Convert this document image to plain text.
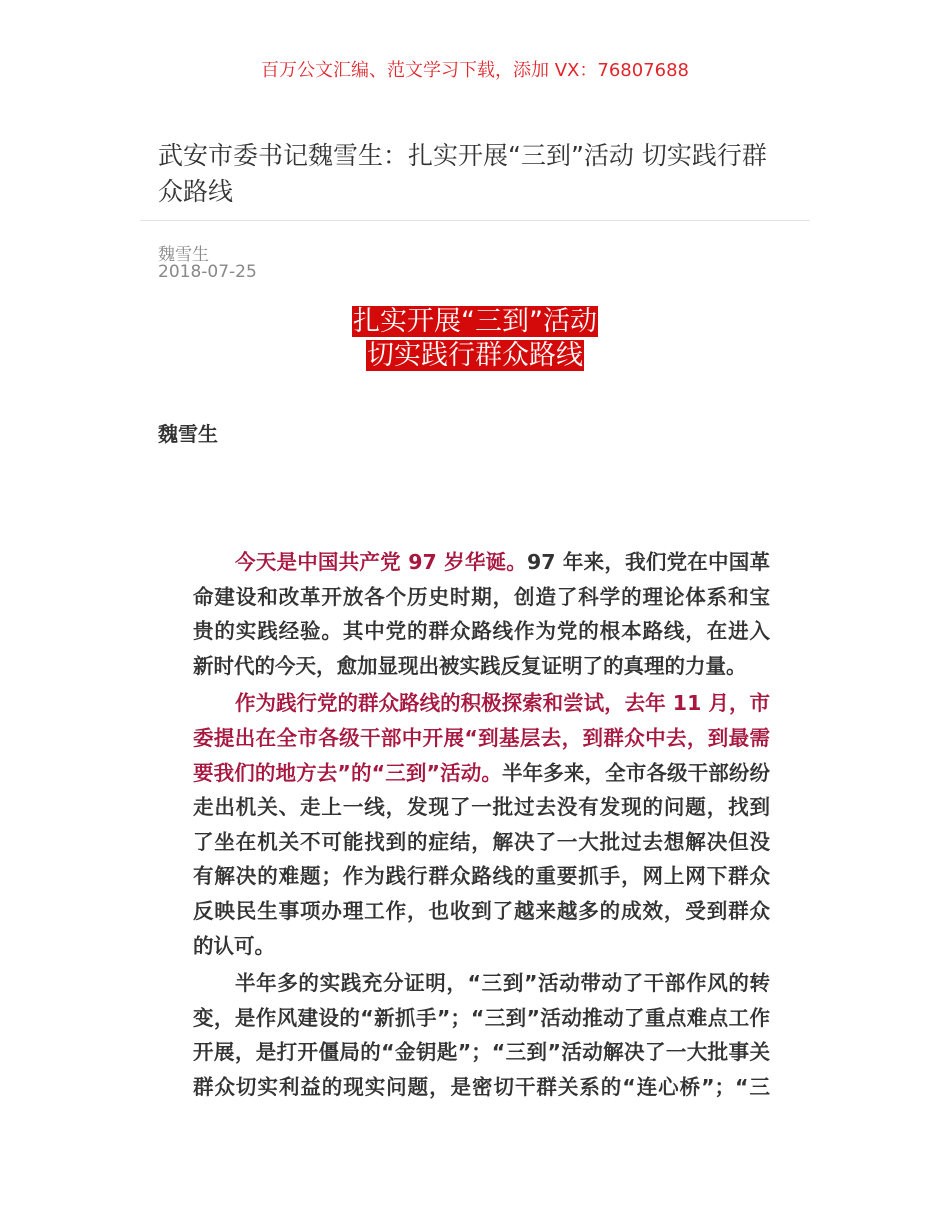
百万公文汇编、范文学习下载，添加 VX：76807688
武安市委书记魏雪生：扎实开展“三到”活动 切实践行群
众路线
魏雪生
2018-07-25
扎实开展“三到”活动
切实践行群众路线
魏雪生
今天是中国共产党 97 岁华诞。97 年来，我们党在中国革
命建设和改革开放各个历史时期，创造了科学的理论体系和宝
贵的实践经验。其中党的群众路线作为党的根本路线，在进入
新时代的今天，愈加显现出被实践反复证明了的真理的力量。
作为践行党的群众路线的积极探索和尝试，去年 11 月，市
委提出在全市各级干部中开展“到基层去，到群众中去，到最需
要我们的地方去”的“三到”活动。半年多来，全市各级干部纷纷
走出机关、走上一线，发现了一批过去没有发现的问题，找到
了坐在机关不可能找到的症结，解决了一大批过去想解决但没
有解决的难题；作为践行群众路线的重要抓手，网上网下群众
反映民生事项办理工作，也收到了越来越多的成效，受到群众
的认可。
半年多的实践充分证明，“三到”活动带动了干部作风的转
变，是作风建设的“新抓手”；“三到”活动推动了重点难点工作
开展，是打开僵局的“金钥匙”；“三到”活动解决了一大批事关
群众切实利益的现实问题，是密切干群关系的“连心桥”；“三
